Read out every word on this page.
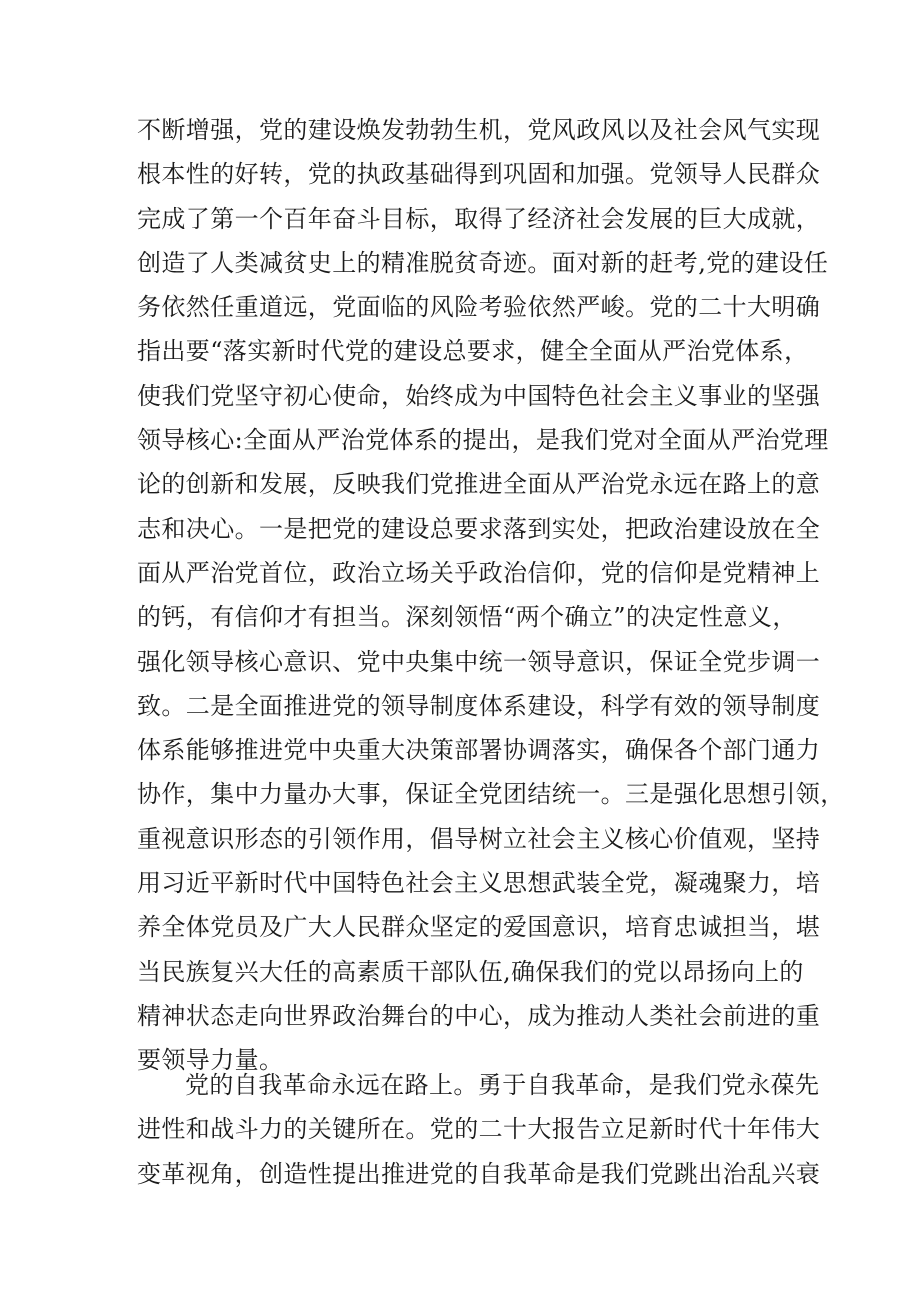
不断增强，党的建设焕发勃勃生机，党风政风以及社会风气实现
根本性的好转，党的执政基础得到巩固和加强。党领导人民群众
完成了第一个百年奋斗目标，取得了经济社会发展的巨大成就，
创造了人类减贫史上的精准脱贫奇迹。面对新的赶考,党的建设任
务依然任重道远，党面临的风险考验依然严峻。党的二十大明确
指出要“落实新时代党的建设总要求，健全全面从严治党体系，
使我们党坚守初心使命，始终成为中国特色社会主义事业的坚强
领导核心:全面从严治党体系的提出，是我们党对全面从严治党理
论的创新和发展，反映我们党推进全面从严治党永远在路上的意
志和决心。一是把党的建设总要求落到实处，把政治建设放在全
面从严治党首位，政治立场关乎政治信仰，党的信仰是党精神上
的钙，有信仰才有担当。深刻领悟“两个确立”的决定性意义，
强化领导核心意识、党中央集中统一领导意识，保证全党步调一
致。二是全面推进党的领导制度体系建设，科学有效的领导制度
体系能够推进党中央重大决策部署协调落实，确保各个部门通力
协作，集中力量办大事，保证全党团结统一。三是强化思想引领，
重视意识形态的引领作用，倡导树立社会主义核心价值观，坚持
用习近平新时代中国特色社会主义思想武装全党，凝魂聚力，培
养全体党员及广大人民群众坚定的爱国意识，培育忠诚担当，堪
当民族复兴大任的高素质干部队伍,确保我们的党以昂扬向上的
精神状态走向世界政治舞台的中心，成为推动人类社会前进的重
要领导力量。
党的自我革命永远在路上。勇于自我革命，是我们党永葆先
进性和战斗力的关键所在。党的二十大报告立足新时代十年伟大
变革视角，创造性提出推进党的自我革命是我们党跳出治乱兴衰
